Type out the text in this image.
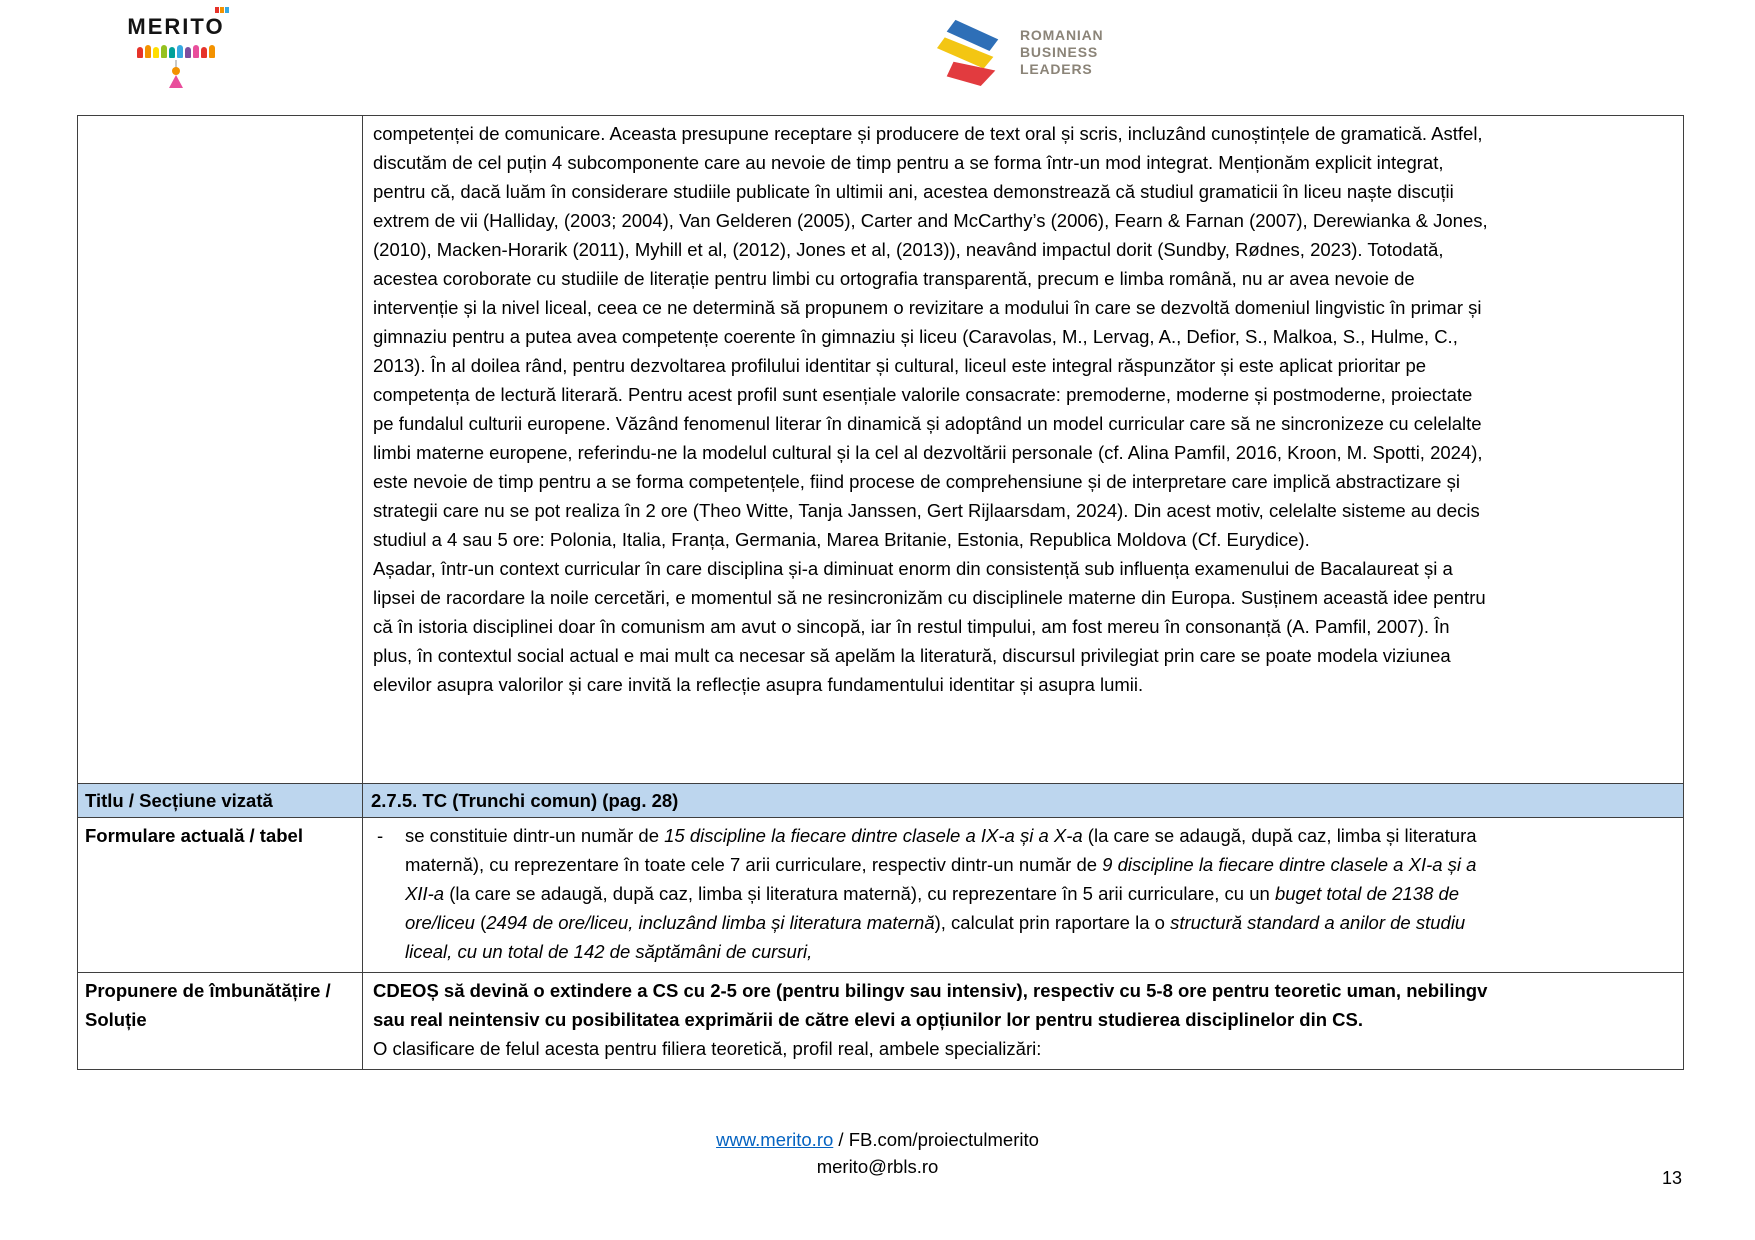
MERITO	ROMANIAN
BUSINESS
LEADERS

	competenței de comunicare. Aceasta presupune receptare și producere de text oral și scris, incluzând cunoștințele de gramatică. Astfel, discutăm de cel puțin 4 subcomponente care au nevoie de timp pentru a se forma într-un mod integrat. Menționăm explicit integrat, pentru că, dacă luăm în considerare studiile publicate în ultimii ani, acestea demonstrează că studiul gramaticii în liceu naște discuții extrem de vii (Halliday, (2003; 2004), Van Gelderen (2005), Carter and McCarthy’s (2006), Fearn & Farnan (2007), Derewianka & Jones, (2010), Macken-Horarik (2011), Myhill et al, (2012), Jones et al, (2013)), neavând impactul dorit (Sundby, Rødnes, 2023). Totodată, acestea coroborate cu studiile de literație pentru limbi cu ortografia transparentă, precum e limba română, nu ar avea nevoie de intervenție și la nivel liceal, ceea ce ne determină să propunem o revizitare a modului în care se dezvoltă domeniul lingvistic în primar și gimnaziu pentru a putea avea competențe coerente în gimnaziu și liceu (Caravolas, M., Lervag, A., Defior, S., Malkoa, S., Hulme, C., 2013). În al doilea rând, pentru dezvoltarea profilului identitar și cultural, liceul este integral răspunzător și este aplicat prioritar pe competența de lectură literară. Pentru acest profil sunt esențiale valorile consacrate: premoderne, moderne și postmoderne, proiectate pe fundalul culturii europene. Văzând fenomenul literar în dinamică și adoptând un model curricular care să ne sincronizeze cu celelalte limbi materne europene, referindu-ne la modelul cultural și la cel al dezvoltării personale (cf. Alina Pamfil, 2016, Kroon, M. Spotti, 2024), este nevoie de timp pentru a se forma competențele, fiind procese de comprehensiune și de interpretare care implică abstractizare și strategii care nu se pot realiza în 2 ore (Theo Witte, Tanja Janssen, Gert Rijlaarsdam, 2024). Din acest motiv, celelalte sisteme au decis studiul a 4 sau 5 ore: Polonia, Italia, Franța, Germania, Marea Britanie, Estonia, Republica Moldova (Cf. Eurydice).

Așadar, într-un context curricular în care disciplina și-a diminuat enorm din consistență sub influența examenului de Bacalaureat și a lipsei de racordare la noile cercetări, e momentul să ne resincronizăm cu disciplinele materne din Europa. Susținem această idee pentru că în istoria disciplinei doar în comunism am avut o sincopă, iar în restul timpului, am fost mereu în consonanță (A. Pamfil, 2007). În plus, în contextul social actual e mai mult ca necesar să apelăm la literatură, discursul privilegiat prin care se poate modela viziunea elevilor asupra valorilor și care invită la reflecție asupra fundamentului identitar și asupra lumii.

Titlu / Secțiune vizată	2.7.5. TC (Trunchi comun) (pag. 28)
Formulare actuală / tabel	- se constituie dintr-un număr de 15 discipline la fiecare dintre clasele a IX-a și a X-a (la care se adaugă, după caz, limba și literatura maternă), cu reprezentare în toate cele 7 arii curriculare, respectiv dintr-un număr de 9 discipline la fiecare dintre clasele a XI-a și a XII-a (la care se adaugă, după caz, limba și literatura maternă), cu reprezentare în 5 arii curriculare, cu un buget total de 2138 de ore/liceu (2494 de ore/liceu, incluzând limba și literatura maternă), calculat prin raportare la o structură standard a anilor de studiu liceal, cu un total de 142 de săptămâni de cursuri,

Propunere de îmbunătățire / Soluție	CDEOȘ să devină o extindere a CS cu 2-5 ore (pentru bilingv sau intensiv), respectiv cu 5-8 ore pentru teoretic uman, nebilingv sau real neintensiv cu posibilitatea exprimării de către elevi a opțiunilor lor pentru studierea disciplinelor din CS.

O clasificare de felul acesta pentru filiera teoretică, profil real, ambele specializări:

www.merito.ro / FB.com/proiectulmerito
merito@rbls.ro
13
